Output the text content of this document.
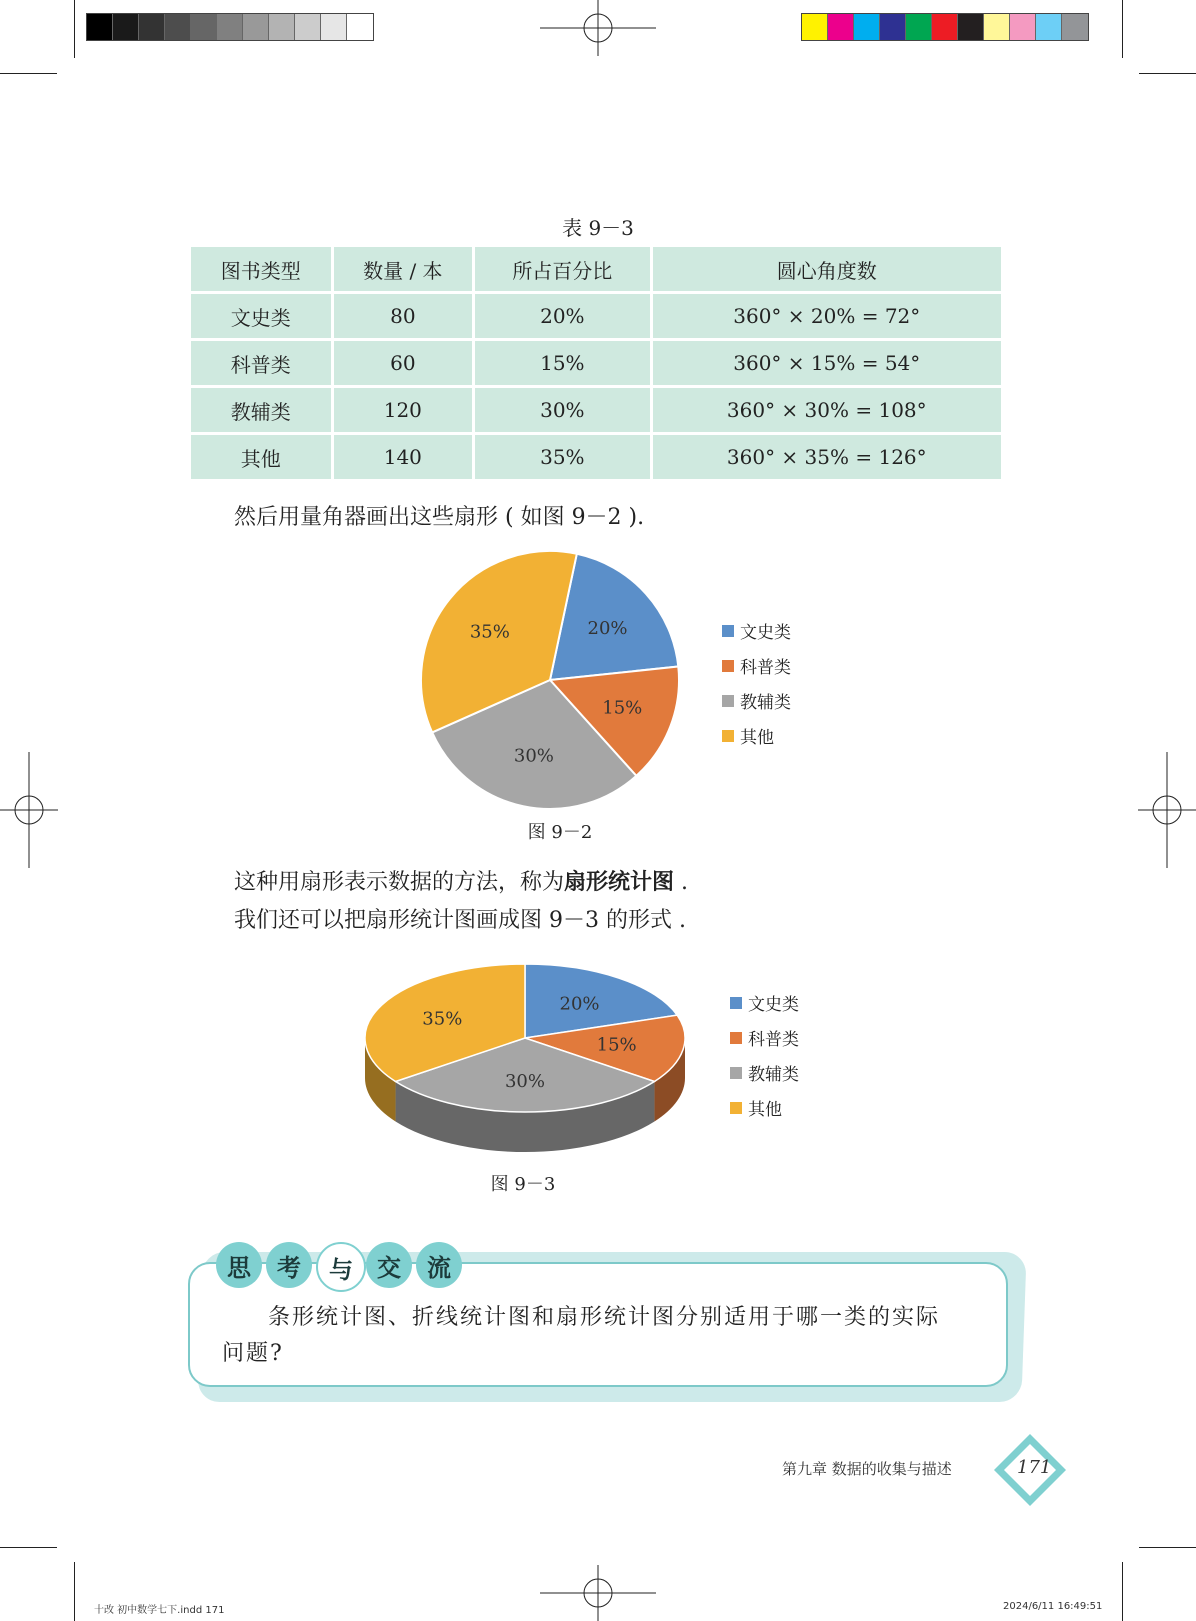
表 9－3
图书类型	数量 / 本	所占百分比	圆心角度数
文史类	80	20%	360° × 20% = 72°
科普类	60	15%	360° × 15% = 54°
教辅类	120	30%	360° × 30% = 108°
其他	140	35%	360° × 35% = 126°
然后用量角器画出这些扇形 ( 如图 9－2 ).
20%
15%
30%
35%	文史类
科普类
教辅类
其他
图 9－2
这种用扇形表示数据的方法，称为扇形统计图 .
我们还可以把扇形统计图画成图 9－3 的形式 .
20%
15%
30%
35%
文史类
科普类
教辅类
其他
图 9－3
思	考	与	交	流
条形统计图、折线统计图和扇形统计图分别适用于哪一类的实际
问题?
第九章 数据的收集与描述	171
十改 初中数学七下.indd 171	2024/6/11 16:49:51
